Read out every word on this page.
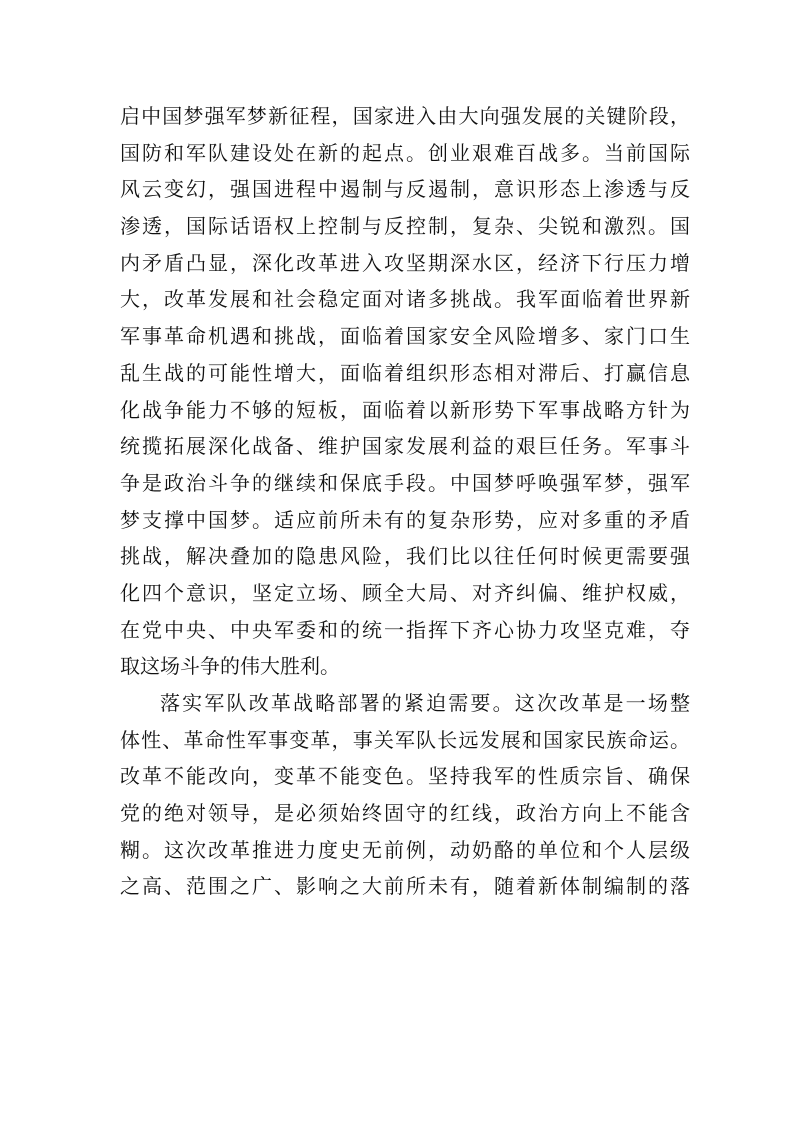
启中国梦强军梦新征程，国家进入由大向强发展的关键阶段，
国防和军队建设处在新的起点。创业艰难百战多。当前国际
风云变幻，强国进程中遏制与反遏制，意识形态上渗透与反
渗透，国际话语权上控制与反控制，复杂、尖锐和激烈。国
内矛盾凸显，深化改革进入攻坚期深水区，经济下行压力增
大，改革发展和社会稳定面对诸多挑战。我军面临着世界新
军事革命机遇和挑战，面临着国家安全风险增多、家门口生
乱生战的可能性增大，面临着组织形态相对滞后、打赢信息
化战争能力不够的短板，面临着以新形势下军事战略方针为
统揽拓展深化战备、维护国家发展利益的艰巨任务。军事斗
争是政治斗争的继续和保底手段。中国梦呼唤强军梦，强军
梦支撑中国梦。适应前所未有的复杂形势，应对多重的矛盾
挑战，解决叠加的隐患风险，我们比以往任何时候更需要强
化四个意识，坚定立场、顾全大局、对齐纠偏、维护权威，
在党中央、中央军委和的统一指挥下齐心协力攻坚克难，夺
取这场斗争的伟大胜利。
落实军队改革战略部署的紧迫需要。这次改革是一场整
体性、革命性军事变革，事关军队长远发展和国家民族命运。
改革不能改向，变革不能变色。坚持我军的性质宗旨、确保
党的绝对领导，是必须始终固守的红线，政治方向上不能含
糊。这次改革推进力度史无前例，动奶酪的单位和个人层级
之高、范围之广、影响之大前所未有，随着新体制编制的落
